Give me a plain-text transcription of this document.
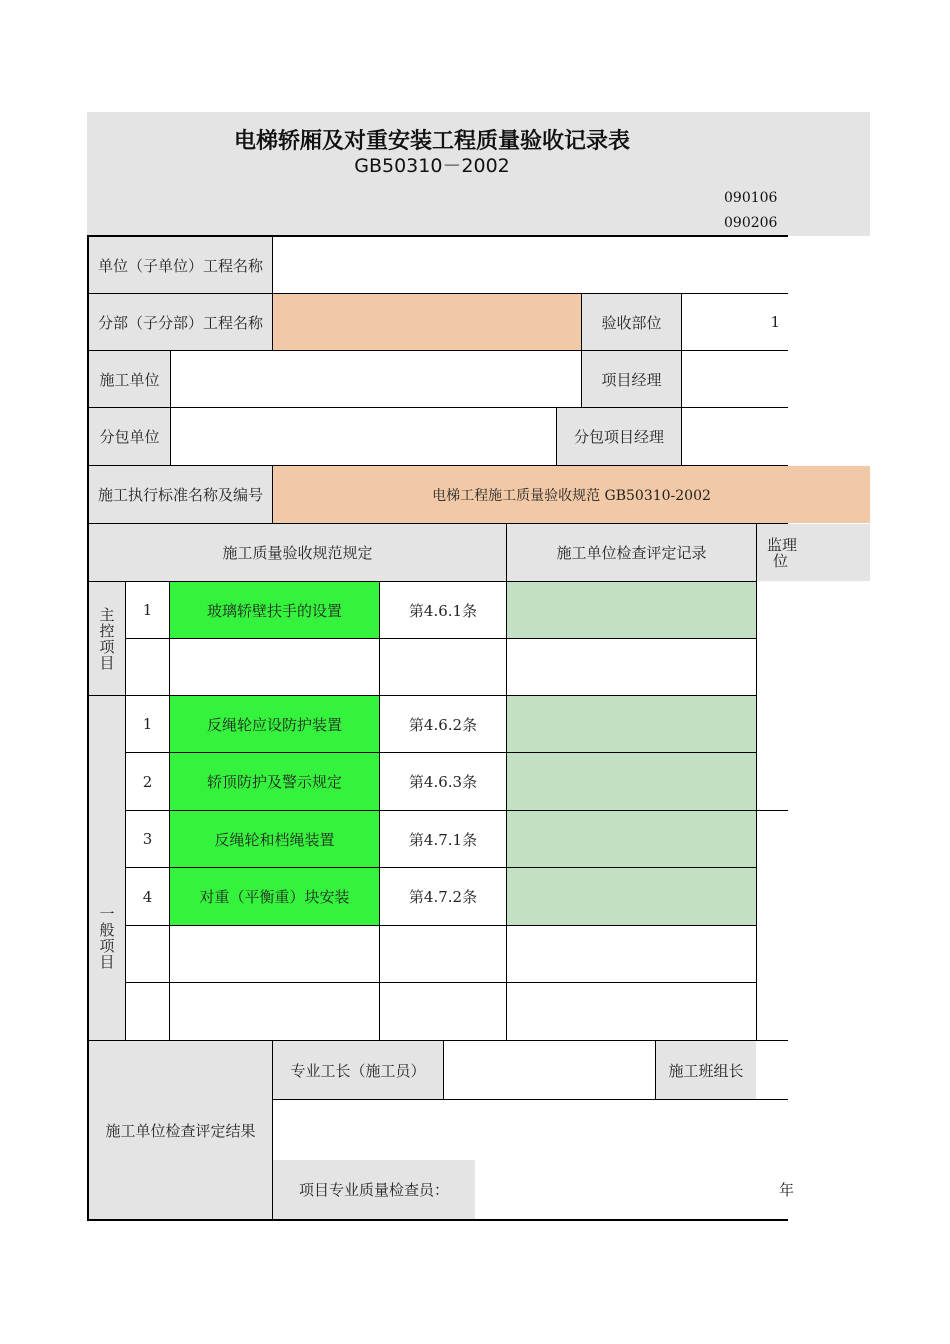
电梯轿厢及对重安装工程质量验收记录表
GB50310－2002
090106
090206
单位（子单位）工程名称
分部（子分部）工程名称	验收部位	1
施工单位	项目经理
分包单位	分包项目经理
施工执行标准名称及编号	电梯工程施工质量验收规范 GB50310-2002
施工质量验收规范规定	施工单位检查评定记录	监理
位
主
控
项
目
1	玻璃轿壁扶手的设置	第4.6.1条
一
般
项
目
1	反绳轮应设防护装置	第4.6.2条
2	轿顶防护及警示规定	第4.6.3条
3	反绳轮和档绳装置	第4.7.1条
4	对重（平衡重）块安装	第4.7.2条
施工单位检查评定结果
专业工长（施工员）	施工班组长
项目专业质量检查员：	年
